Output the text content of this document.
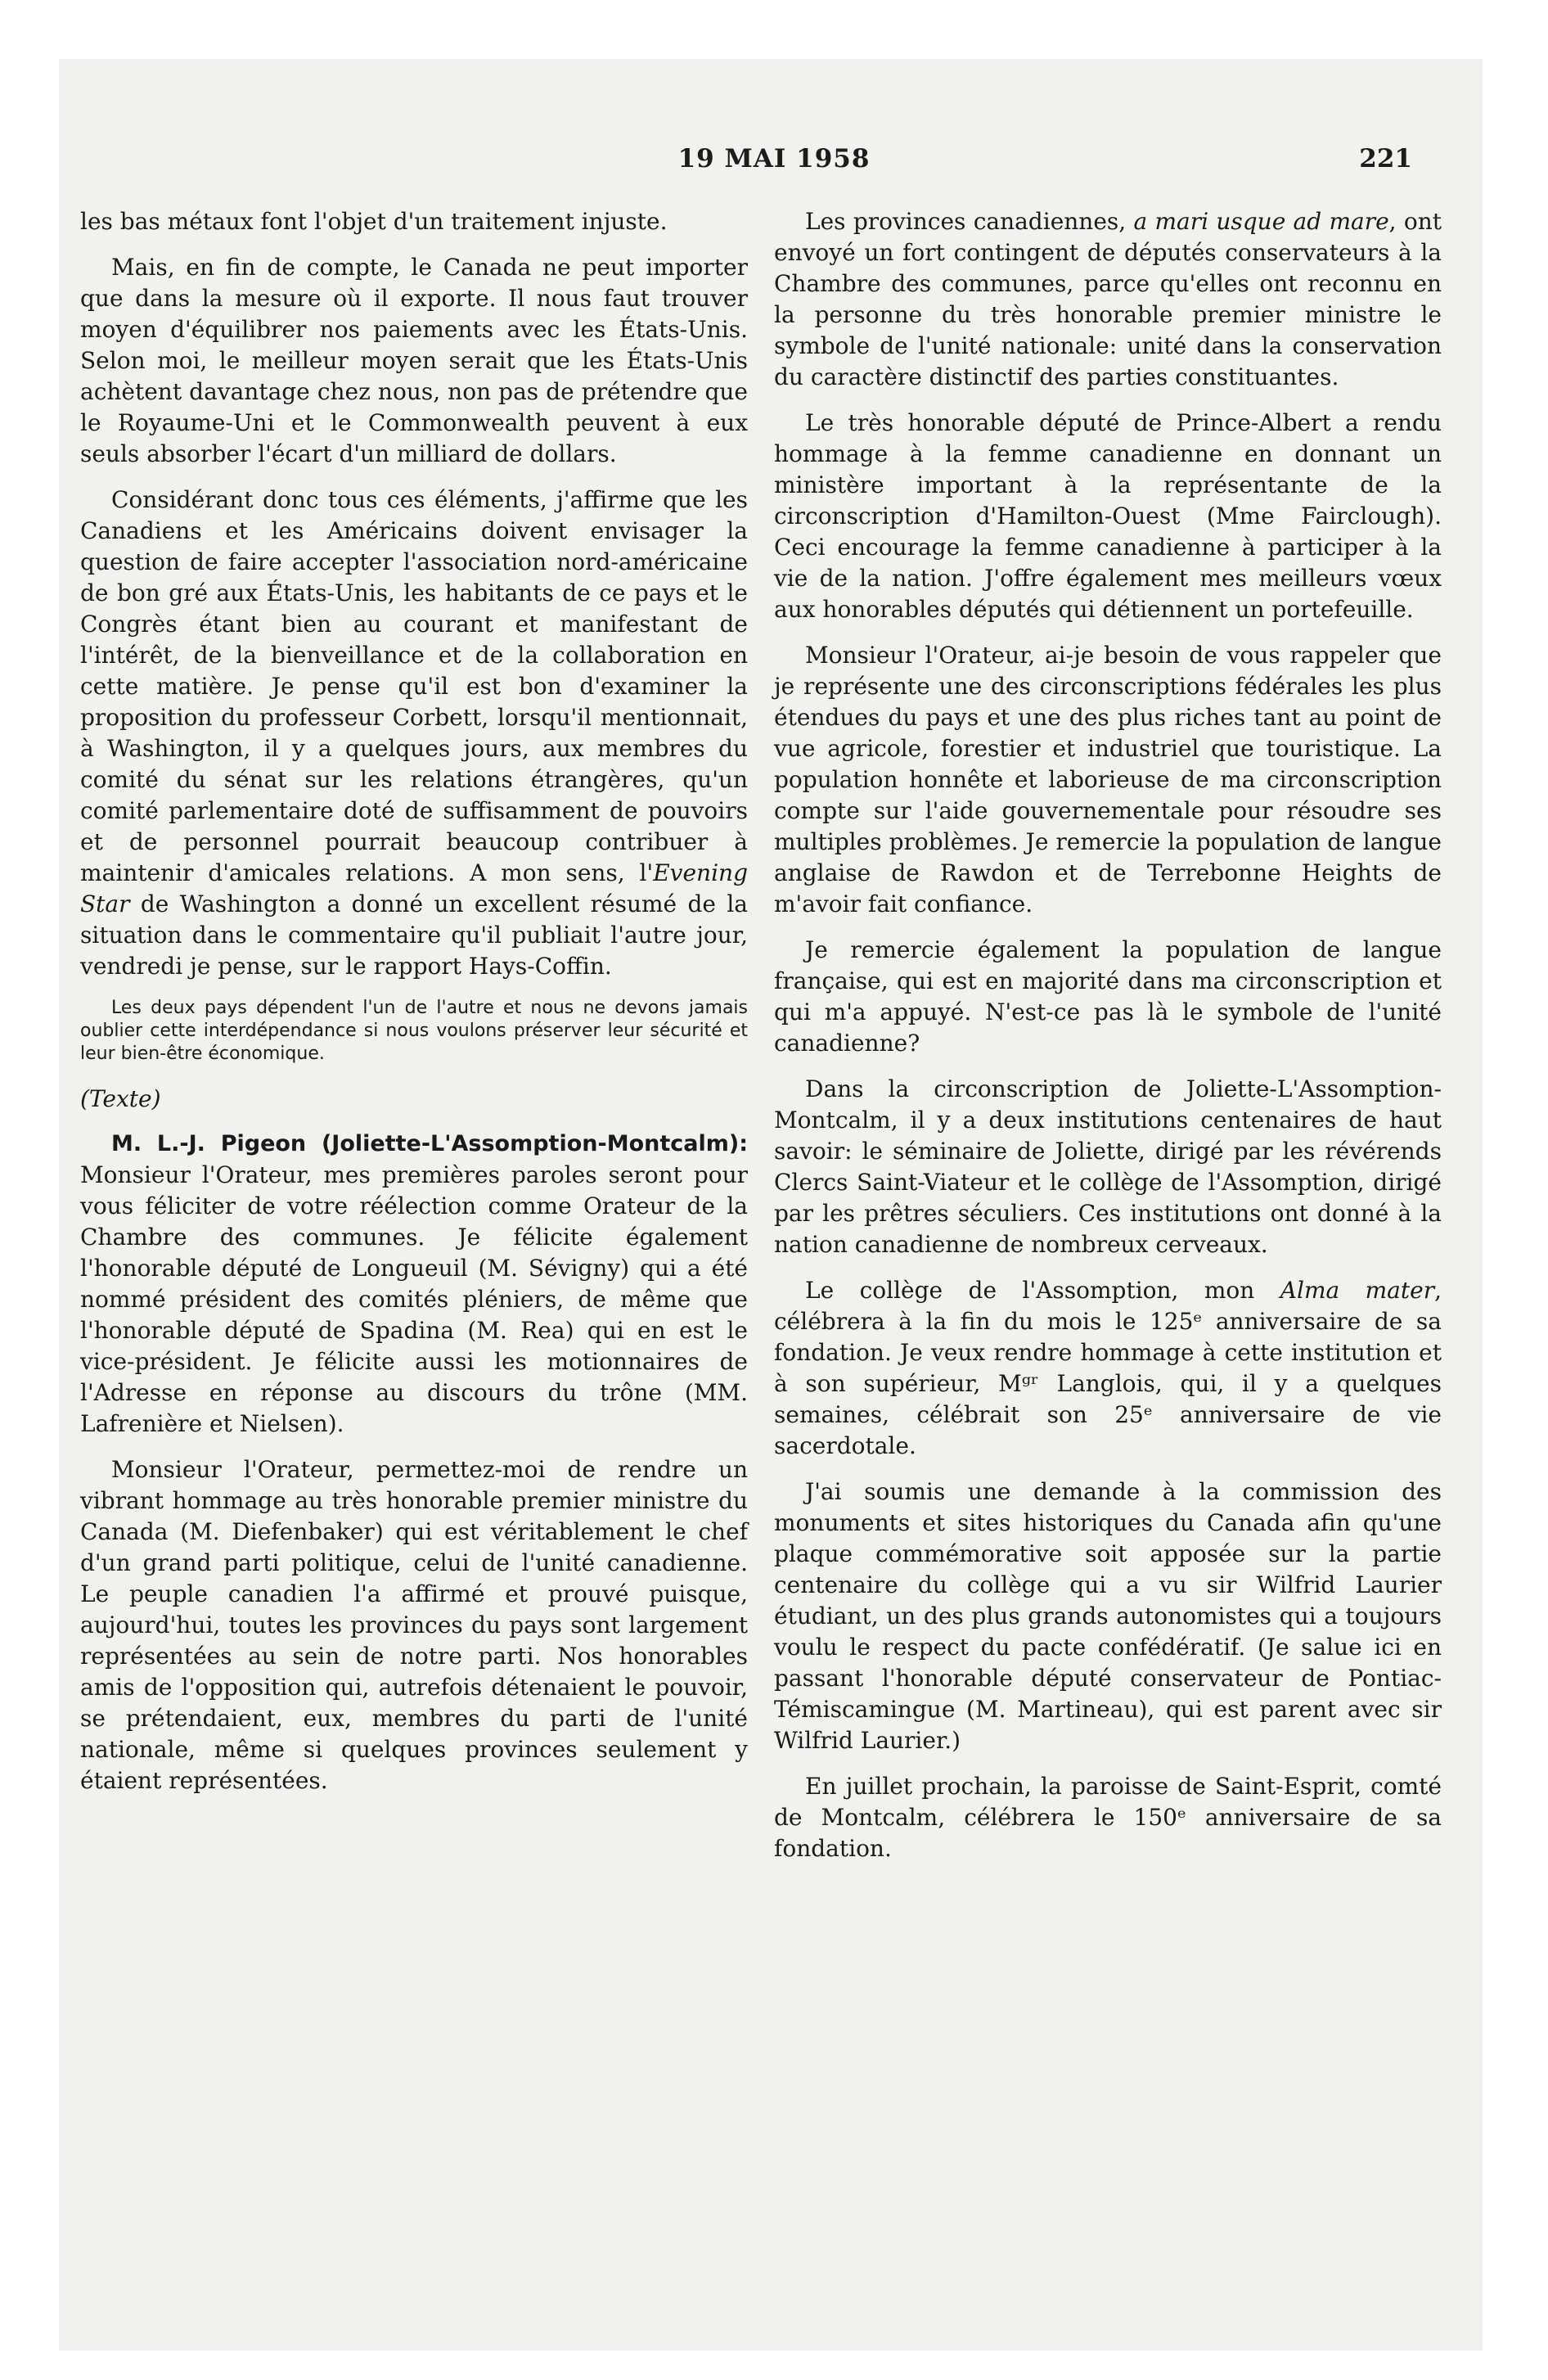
19 MAI 1958	221

les bas métaux font l'objet d'un traitement injuste.

Mais, en fin de compte, le Canada ne peut importer que dans la mesure où il exporte. Il nous faut trouver moyen d'équilibrer nos paiements avec les États-Unis. Selon moi, le meilleur moyen serait que les États-Unis achètent davantage chez nous, non pas de prétendre que le Royaume-Uni et le Commonwealth peuvent à eux seuls absorber l'écart d'un milliard de dollars.

Considérant donc tous ces éléments, j'affirme que les Canadiens et les Américains doivent envisager la question de faire accepter l'association nord-américaine de bon gré aux États-Unis, les habitants de ce pays et le Congrès étant bien au courant et manifestant de l'intérêt, de la bienveillance et de la collaboration en cette matière. Je pense qu'il est bon d'examiner la proposition du professeur Corbett, lorsqu'il mentionnait, à Washington, il y a quelques jours, aux membres du comité du sénat sur les relations étrangères, qu'un comité parlementaire doté de suffisamment de pouvoirs et de personnel pourrait beaucoup contribuer à maintenir d'amicales relations. A mon sens, l'Evening Star de Washington a donné un excellent résumé de la situation dans le commentaire qu'il publiait l'autre jour, vendredi je pense, sur le rapport Hays-Coffin.

Les deux pays dépendent l'un de l'autre et nous ne devons jamais oublier cette interdépendance si nous voulons préserver leur sécurité et leur bien-être économique.

(Texte)

M. L.-J. Pigeon (Joliette-L'Assomption-Montcalm): Monsieur l'Orateur, mes premières paroles seront pour vous féliciter de votre réélection comme Orateur de la Chambre des communes. Je félicite également l'honorable député de Longueuil (M. Sévigny) qui a été nommé président des comités pléniers, de même que l'honorable député de Spadina (M. Rea) qui en est le vice-président. Je félicite aussi les motionnaires de l'Adresse en réponse au discours du trône (MM. Lafrenière et Nielsen).

Monsieur l'Orateur, permettez-moi de rendre un vibrant hommage au très honorable premier ministre du Canada (M. Diefenbaker) qui est véritablement le chef d'un grand parti politique, celui de l'unité canadienne. Le peuple canadien l'a affirmé et prouvé puisque, aujourd'hui, toutes les provinces du pays sont largement représentées au sein de notre parti. Nos honorables amis de l'opposition qui, autrefois détenaient le pouvoir, se prétendaient, eux, membres du parti de l'unité nationale, même si quelques provinces seulement y étaient représentées.

Les provinces canadiennes, a mari usque ad mare, ont envoyé un fort contingent de députés conservateurs à la Chambre des communes, parce qu'elles ont reconnu en la personne du très honorable premier ministre le symbole de l'unité nationale: unité dans la conservation du caractère distinctif des parties constituantes.

Le très honorable député de Prince-Albert a rendu hommage à la femme canadienne en donnant un ministère important à la représentante de la circonscription d'Hamilton-Ouest (Mme Fairclough). Ceci encourage la femme canadienne à participer à la vie de la nation. J'offre également mes meilleurs vœux aux honorables députés qui détiennent un portefeuille.

Monsieur l'Orateur, ai-je besoin de vous rappeler que je représente une des circonscriptions fédérales les plus étendues du pays et une des plus riches tant au point de vue agricole, forestier et industriel que touristique. La population honnête et laborieuse de ma circonscription compte sur l'aide gouvernementale pour résoudre ses multiples problèmes. Je remercie la population de langue anglaise de Rawdon et de Terrebonne Heights de m'avoir fait confiance.

Je remercie également la population de langue française, qui est en majorité dans ma circonscription et qui m'a appuyé. N'est-ce pas là le symbole de l'unité canadienne?

Dans la circonscription de Joliette-L'Assomption-Montcalm, il y a deux institutions centenaires de haut savoir: le séminaire de Joliette, dirigé par les révérends Clercs Saint-Viateur et le collège de l'Assomption, dirigé par les prêtres séculiers. Ces institutions ont donné à la nation canadienne de nombreux cerveaux.

Le collège de l'Assomption, mon Alma mater, célébrera à la fin du mois le 125ᵉ anniversaire de sa fondation. Je veux rendre hommage à cette institution et à son supérieur, Mᵍʳ Langlois, qui, il y a quelques semaines, célébrait son 25ᵉ anniversaire de vie sacerdotale.

J'ai soumis une demande à la commission des monuments et sites historiques du Canada afin qu'une plaque commémorative soit apposée sur la partie centenaire du collège qui a vu sir Wilfrid Laurier étudiant, un des plus grands autonomistes qui a toujours voulu le respect du pacte confédératif. (Je salue ici en passant l'honorable député conservateur de Pontiac-Témiscamingue (M. Martineau), qui est parent avec sir Wilfrid Laurier.)

En juillet prochain, la paroisse de Saint-Esprit, comté de Montcalm, célébrera le 150ᵉ anniversaire de sa fondation.
